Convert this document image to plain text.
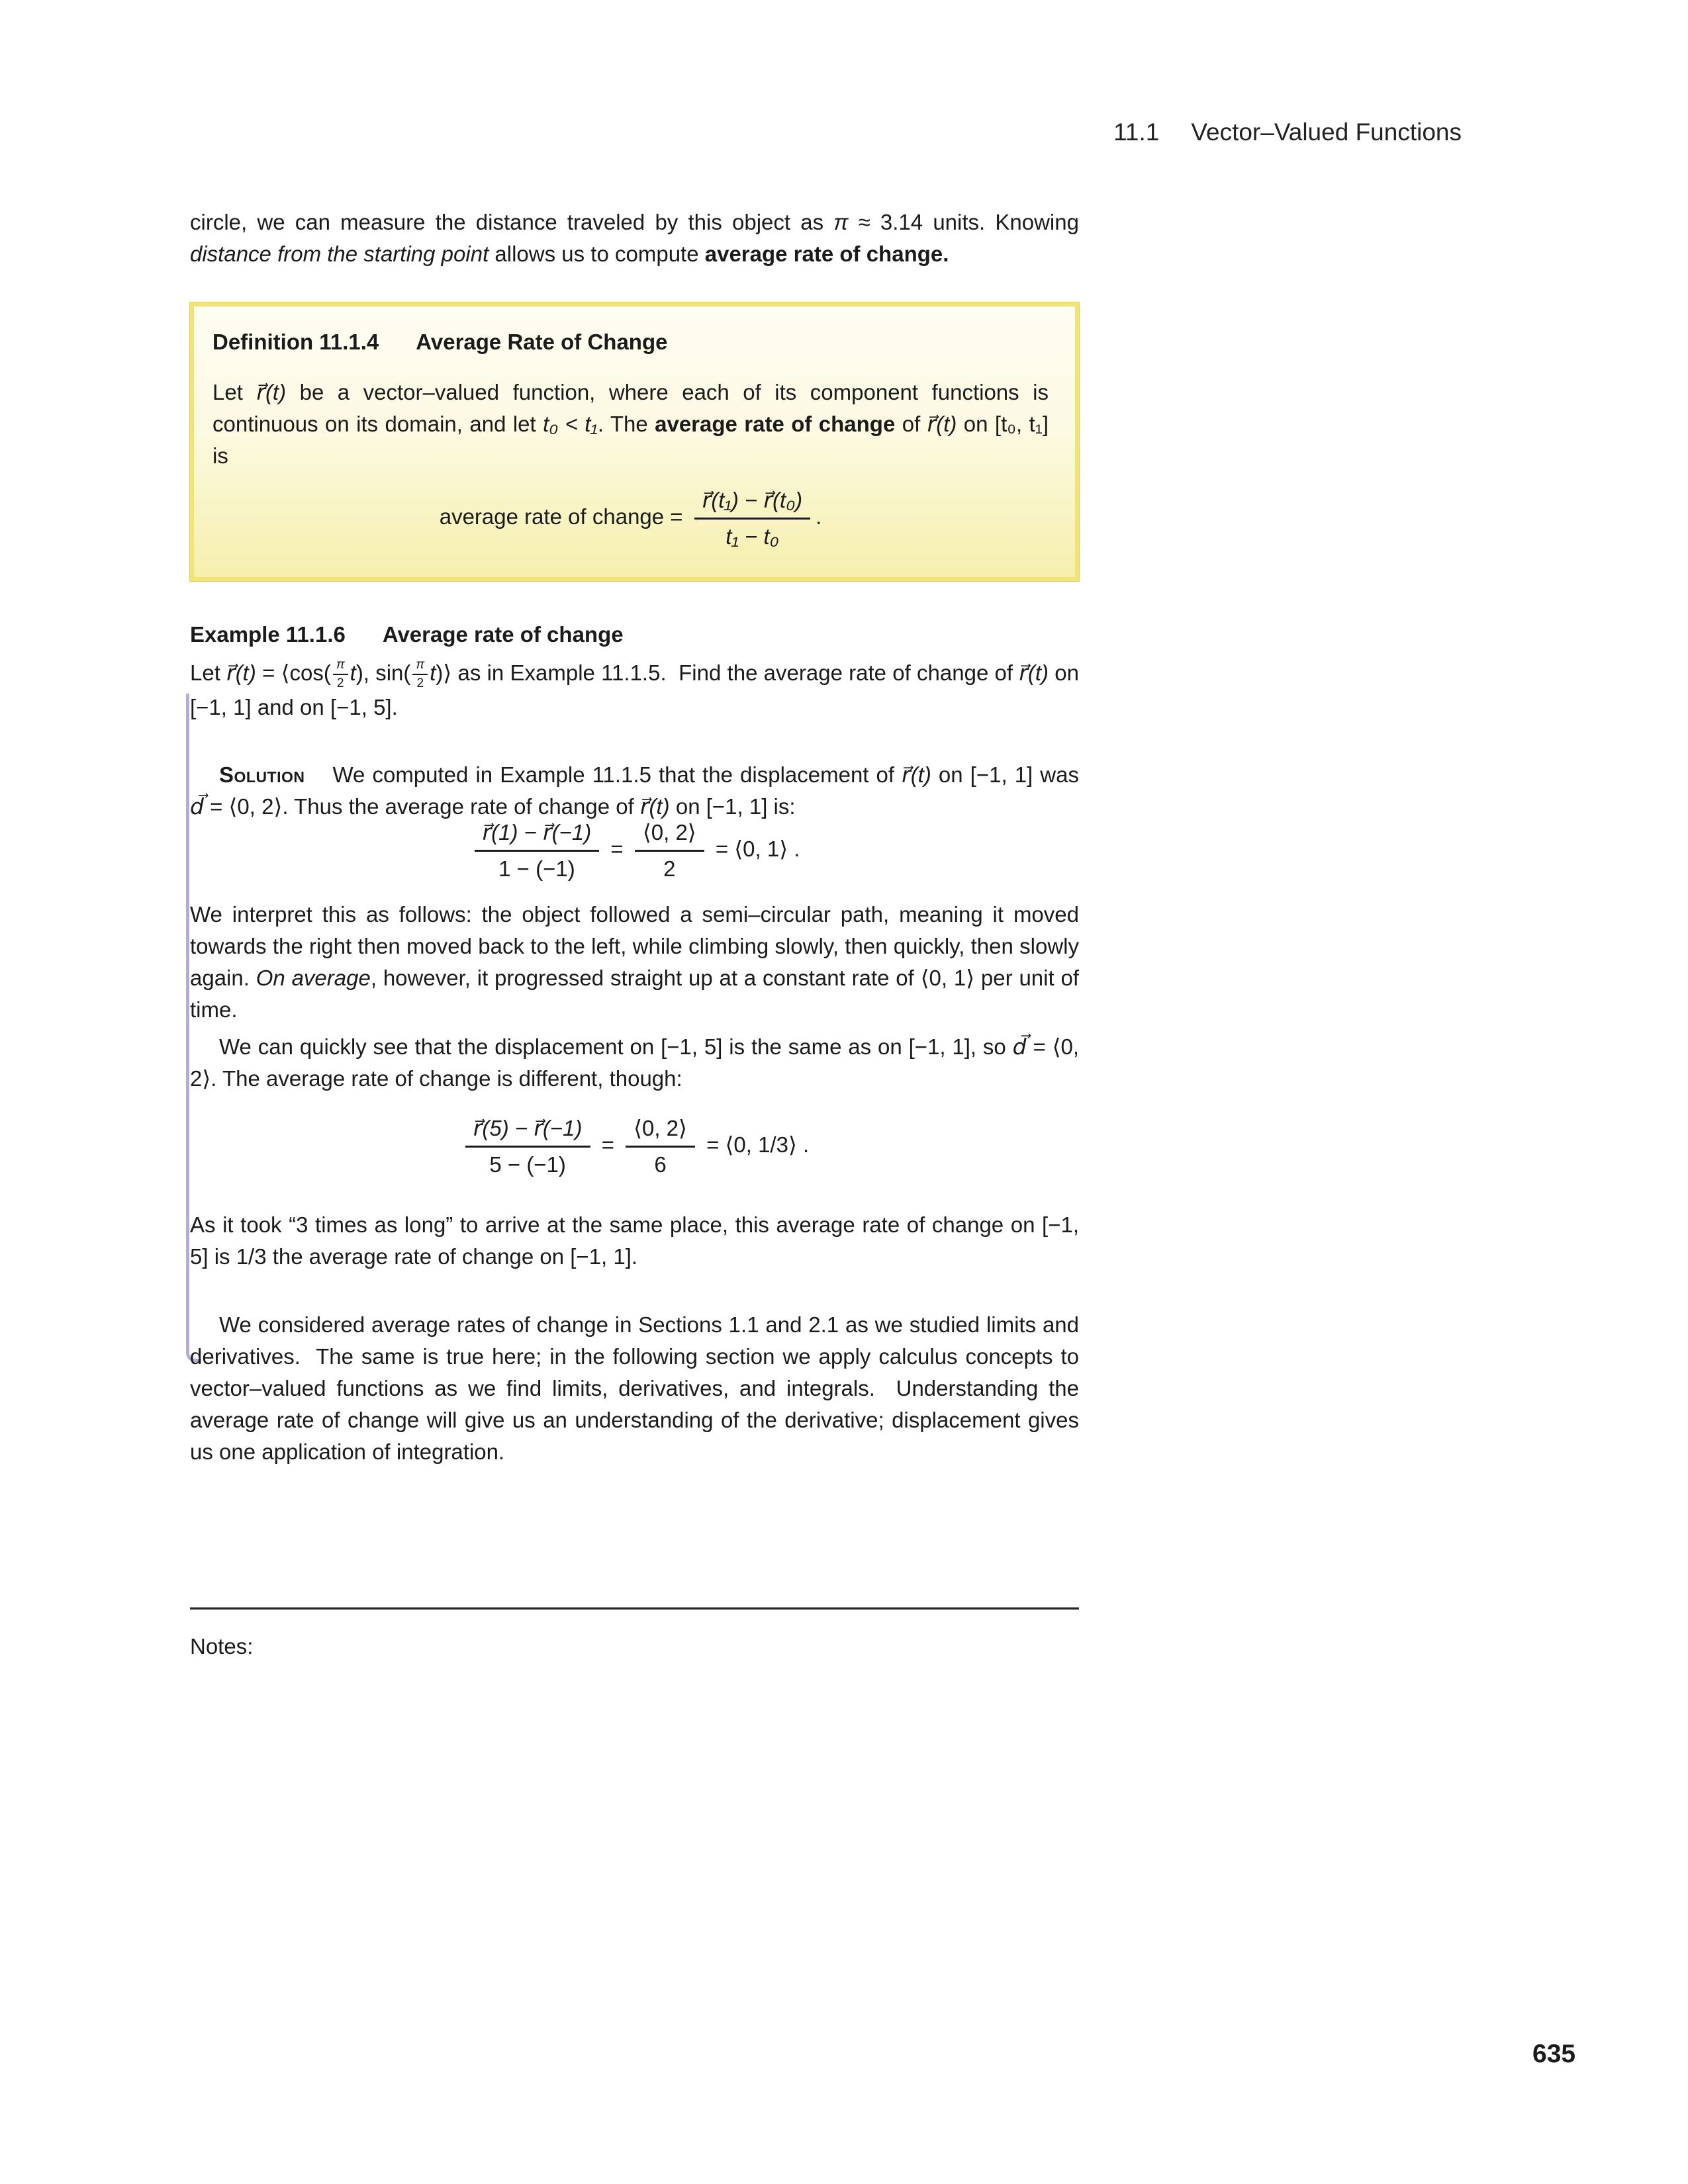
11.1 Vector–Valued Functions

circle, we can measure the distance traveled by this object as π ≈ 3.14 units. Knowing distance from the starting point allows us to compute average rate of change.

Definition 11.1.4 Average Rate of Change
Let r⃗(t) be a vector–valued function, where each of its component functions is continuous on its domain, and let t₀ < t₁. The average rate of change of r⃗(t) on [t₀, t₁] is
average rate of change = $\frac{\text{r⃗(t₁) − r⃗(t₀)}}{\text{t₁ − t₀}}$ .
Example 11.1.6 Average rate of change

Let r⃗(t) = ⟨cos( $\frac{\pi}{2} t$), $\sin( \frac{\pi}{2}$ t)⟩ as in Example 11.1.5.  Find the average rate of change of r⃗(t) on [−1, 1] and on [−1, 5].

Solution We computed in Example 11.1.5 that the displacement of r⃗(t) on [−1, 1] was d⃗ = ⟨0, 2⟩. Thus the average rate of change of r⃗(t) on [−1, 1] is:

$\frac{r⃗(1) - r⃗(-1)}{1 - (-1)} = \frac{⟨0, 2⟩}{2}$ = ⟨0, 1⟩ .

We interpret this as follows: the object followed a semi–circular path, meaning it moved towards the right then moved back to the left, while climbing slowly, then quickly, then slowly again. On average, however, it progressed straight up at a constant rate of ⟨0, 1⟩ per unit of time.

We can quickly see that the displacement on [−1, 5] is the same as on [−1, 1], so d⃗ = ⟨0, 2⟩. The average rate of change is different, though:

$\frac{r⃗(5) - r⃗(-1)}{5 - (-1)} = \frac{⟨0, 2⟩}{6}$ = ⟨0, 1/3⟩ .

As it took “3 times as long” to arrive at the same place, this average rate of change on [−1, 5] is 1/3 the average rate of change on [−1, 1].

We considered average rates of change in Sections 1.1 and 2.1 as we studied limits and derivatives.  The same is true here; in the following section we apply calculus concepts to vector–valued functions as we find limits, derivatives, and integrals.  Understanding the average rate of change will give us an understanding of the derivative; displacement gives us one application of integration.

Notes:

635
